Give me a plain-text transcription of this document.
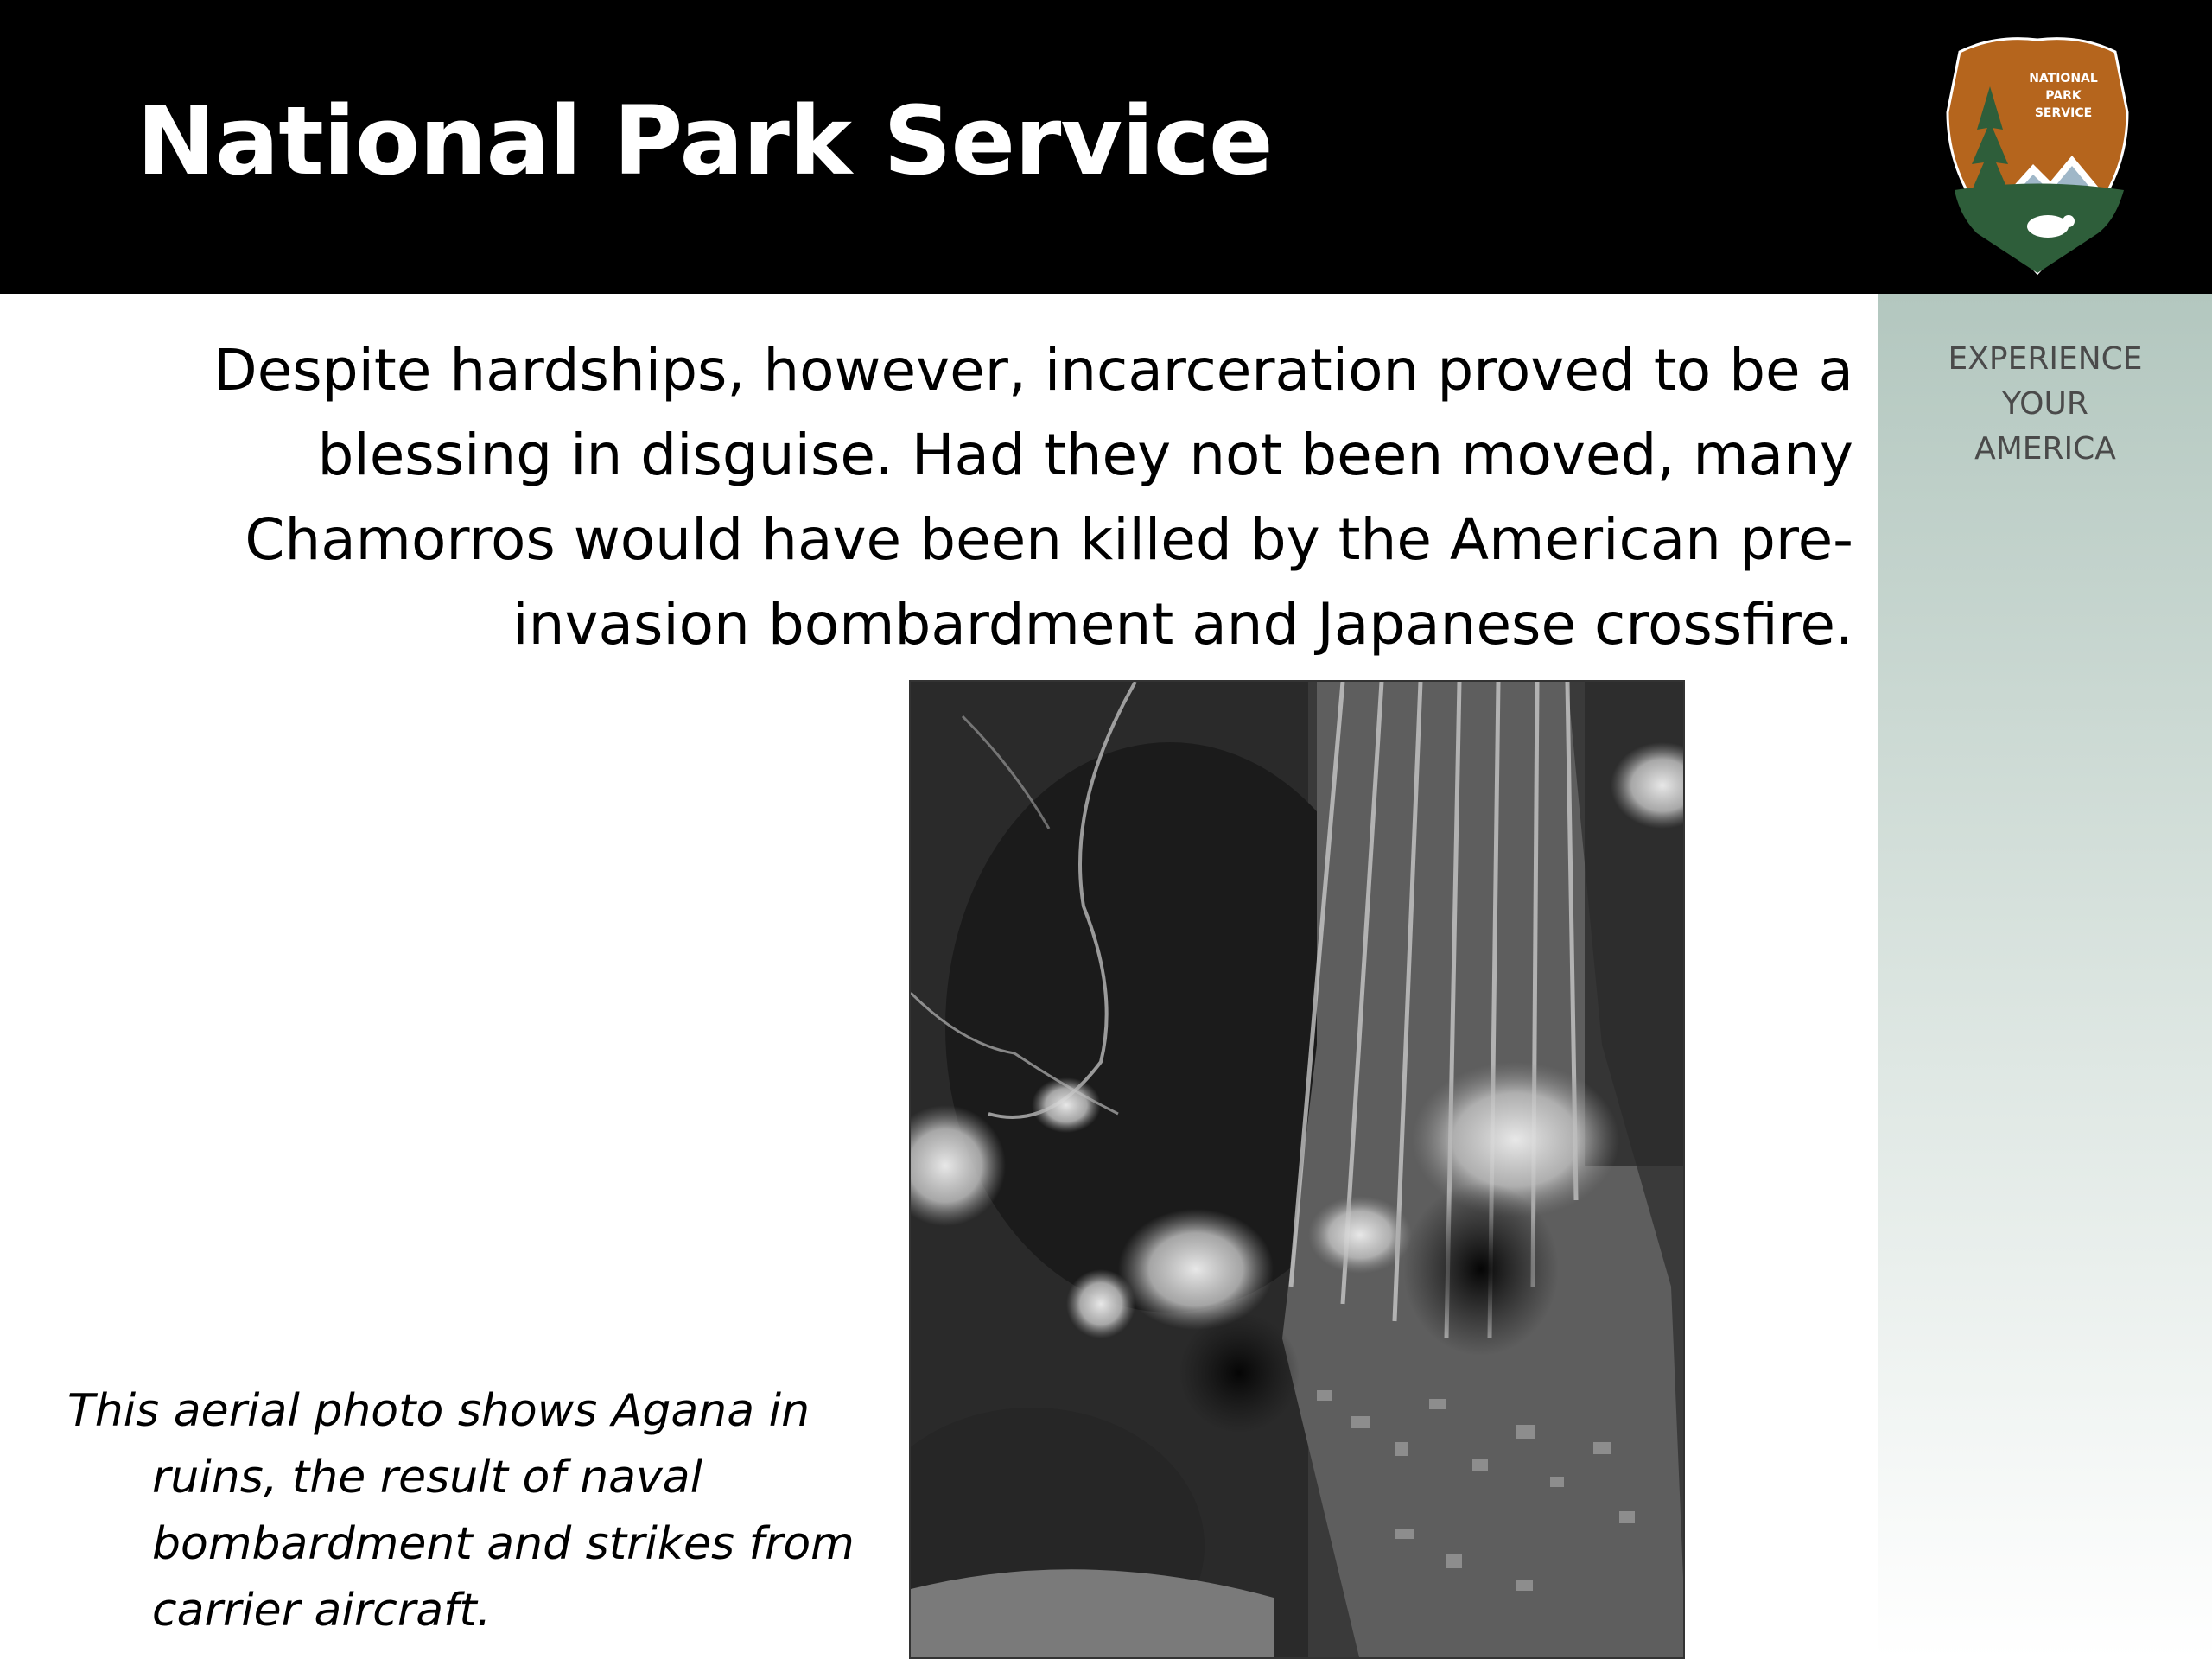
National Park Service
NATIONAL
PARK
SERVICE
EXPERIENCE
YOUR
AMERICA
Despite hardships, however, incarceration proved to be a
blessing in disguise. Had they not been moved, many
Chamorros would have been killed by the American pre-
invasion bombardment and Japanese crossfire.
This aerial photo shows Agana in
ruins, the result of naval
bombardment and strikes from
carrier aircraft.
